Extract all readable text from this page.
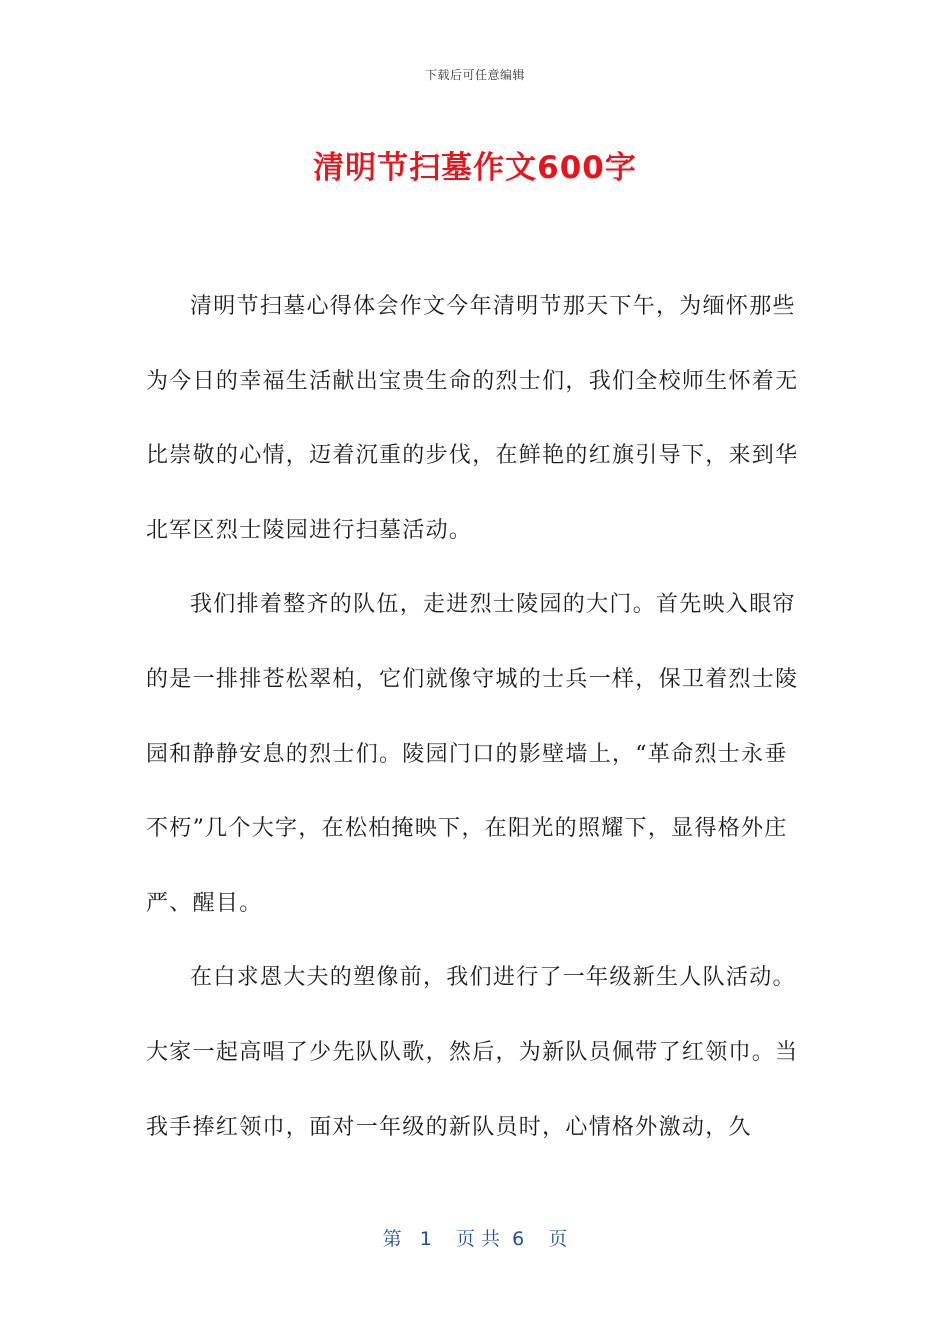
下载后可任意编辑
清明节扫墓作文600字

清明节扫墓心得体会作文今年清明节那天下午，为缅怀那些为今日的幸福生活献出宝贵生命的烈士们，我们全校师生怀着无比崇敬的心情，迈着沉重的步伐，在鲜艳的红旗引导下，来到华北军区烈士陵园进行扫墓活动。

我们排着整齐的队伍，走进烈士陵园的大门。首先映入眼帘的是一排排苍松翠柏，它们就像守城的士兵一样，保卫着烈士陵园和静静安息的烈士们。陵园门口的影壁墙上，“革命烈士永垂不朽”几个大字，在松柏掩映下，在阳光的照耀下，显得格外庄严、醒目。

在白求恩大夫的塑像前，我们进行了一年级新生人队活动。大家一起高唱了少先队队歌，然后，为新队员佩带了红领巾。当我手捧红领巾，面对一年级的新队员时，心情格外激动，久

第   1    页 共  6    页
